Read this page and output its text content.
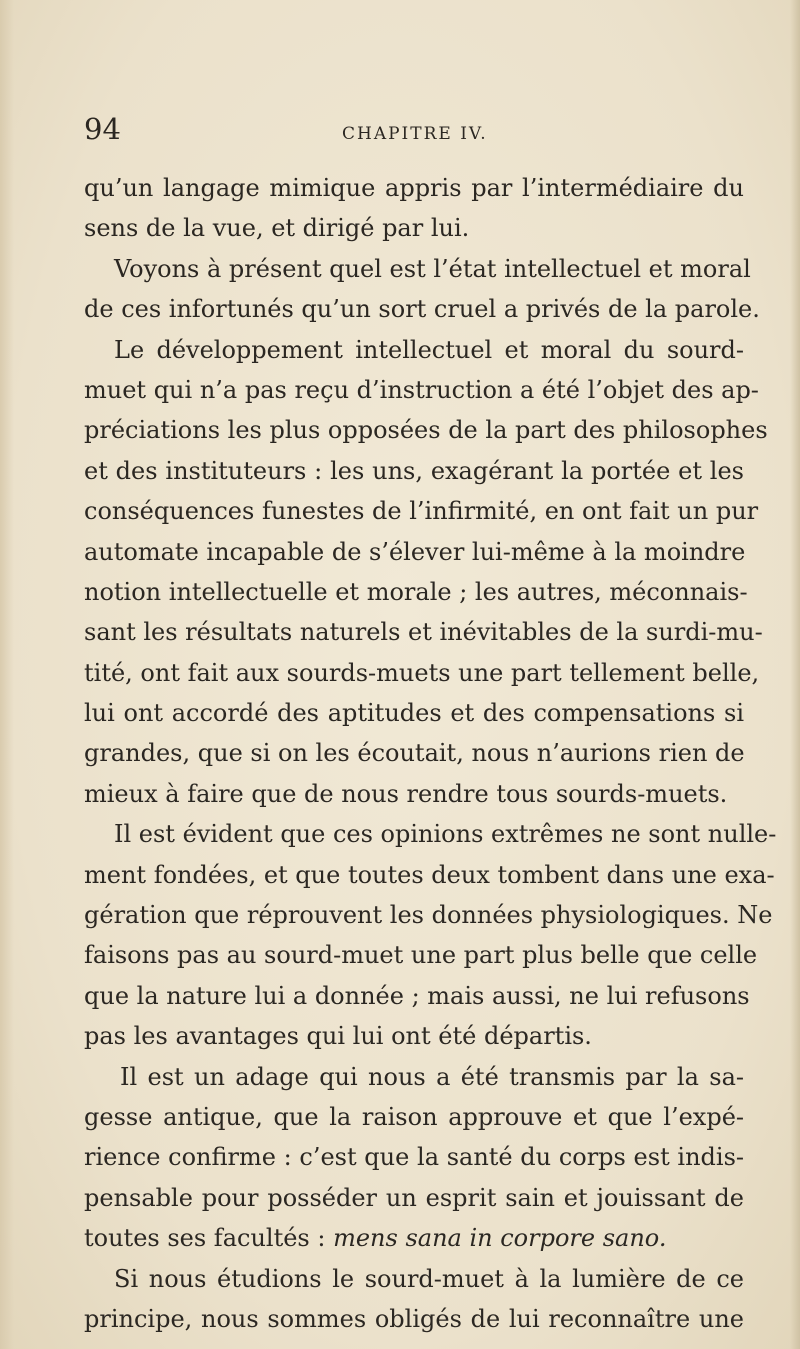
94	CHAPITRE IV.
qu’un langage mimique appris par l’intermédiaire du
sens de la vue, et dirigé par lui.
Voyons à présent quel est l’état intellectuel et moral
de ces infortunés qu’un sort cruel a privés de la parole.
Le développement intellectuel et moral du sourd-
muet qui n’a pas reçu d’instruction a été l’objet des ap-
préciations les plus opposées de la part des philosophes
et des instituteurs : les uns, exagérant la portée et les
conséquences funestes de l’infirmité, en ont fait un pur
automate incapable de s’élever lui-même à la moindre
notion intellectuelle et morale ; les autres, méconnais-
sant les résultats naturels et inévitables de la surdi-mu-
tité, ont fait aux sourds-muets une part tellement belle,
lui ont accordé des aptitudes et des compensations si
grandes, que si on les écoutait, nous n’aurions rien de
mieux à faire que de nous rendre tous sourds-muets.
Il est évident que ces opinions extrêmes ne sont nulle-
ment fondées, et que toutes deux tombent dans une exa-
gération que réprouvent les données physiologiques. Ne
faisons pas au sourd-muet une part plus belle que celle
que la nature lui a donnée ; mais aussi, ne lui refusons
pas les avantages qui lui ont été départis.
Il est un adage qui nous a été transmis par la sa-
gesse antique, que la raison approuve et que l’expé-
rience confirme : c’est que la santé du corps est indis-
pensable pour posséder un esprit sain et jouissant de
toutes ses facultés : mens sana in corpore sano.
Si nous étudions le sourd-muet à la lumière de ce
principe, nous sommes obligés de lui reconnaître une
